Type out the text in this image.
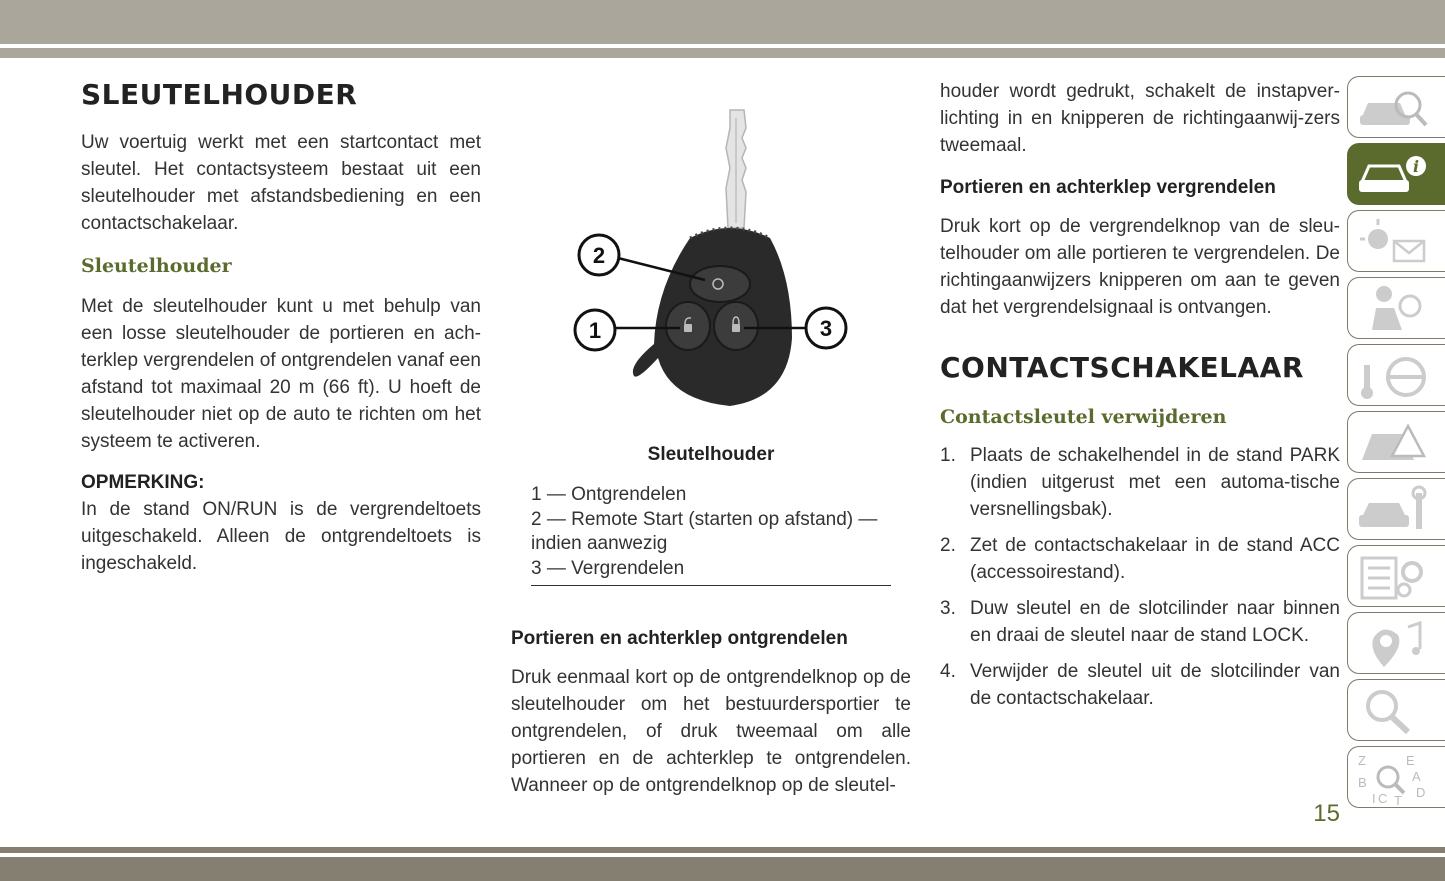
SLEUTELHOUDER

Uw voertuig werkt met een startcontact met sleutel. Het contactsysteem bestaat uit een sleutelhouder met afstandsbediening en een contactschakelaar.

Sleutelhouder

Met de sleutelhouder kunt u met behulp van een losse sleutelhouder de portieren en ach-terklep vergrendelen of ontgrendelen vanaf een afstand tot maximaal 20 m (66 ft). U hoeft de sleutelhouder niet op de auto te richten om het systeem te activeren.

OPMERKING:

In de stand ON/RUN is de vergrendeltoets uitgeschakeld. Alleen de ontgrendeltoets is ingeschakeld.

2
1	3
Sleutelhouder
1 — Ontgrendelen
2 — Remote Start (starten op afstand) — indien aanwezig
3 — Vergrendelen
Portieren en achterklep ontgrendelen

Druk eenmaal kort op de ontgrendelknop op de sleutelhouder om het bestuurdersportier te ontgrendelen, of druk tweemaal om alle portieren en de achterklep te ontgrendelen. Wanneer op de ontgrendelknop op de sleutel-

houder wordt gedrukt, schakelt de instapver-lichting in en knipperen de richtingaanwij-zers tweemaal.

Portieren en achterklep vergrendelen

Druk kort op de vergrendelknop van de sleu-telhouder om alle portieren te vergrendelen. De richtingaanwijzers knipperen om aan te geven dat het vergrendelsignaal is ontvangen.

CONTACTSCHAKELAAR
Contactsleutel verwijderen
1. Plaats de schakelhendel in de stand PARK (indien uitgerust met een automa-tische versnellingsbak).
2. Zet de contactschakelaar in de stand ACC (accessoirestand).
3. Duw sleutel en de slotcilinder naar binnen en draai de sleutel naar de stand LOCK.
4. Verwijder de sleutel uit de slotcilinder van de contactschakelaar.
i
Z	E
A
B
C T
D
I
15
